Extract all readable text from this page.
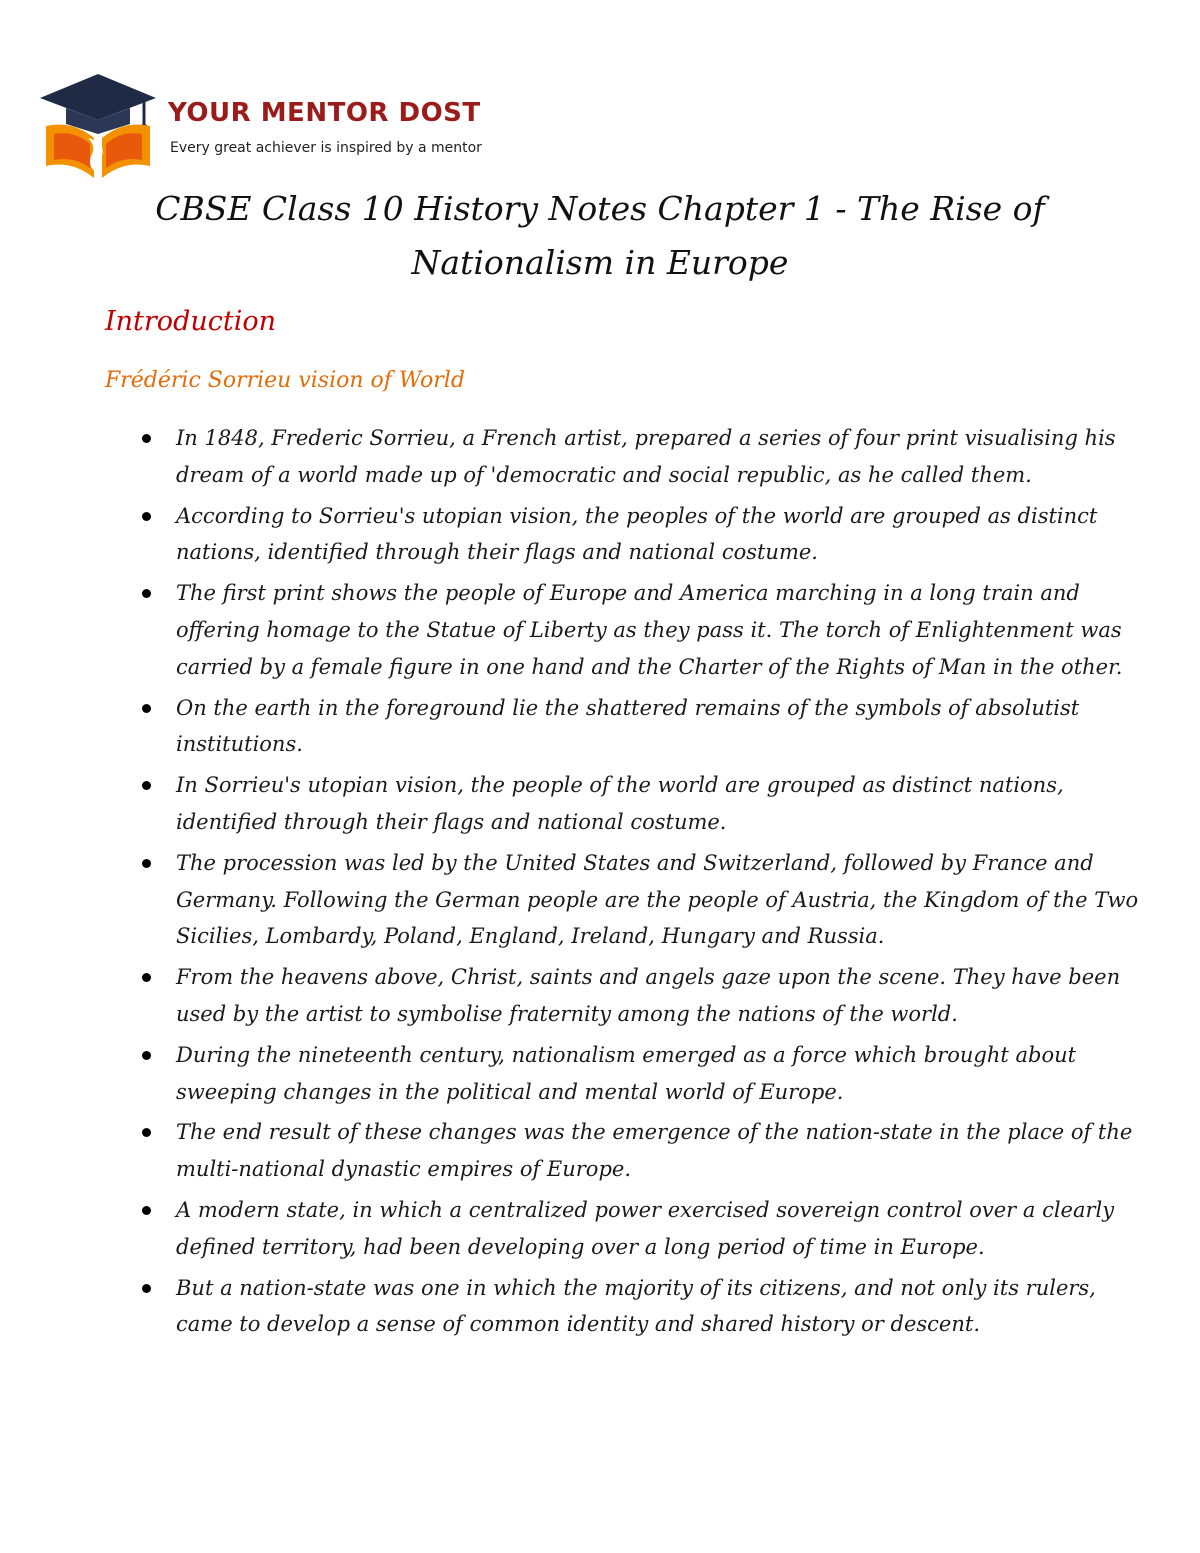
YOUR MENTOR DOST
Every great achiever is inspired by a mentor
CBSE Class 10 History Notes Chapter 1 - The Rise of Nationalism in Europe
Introduction
Frédéric Sorrieu vision of World
In 1848, Frederic Sorrieu, a French artist, prepared a series of four print visualising his dream of a world made up of 'democratic and social republic, as he called them.
According to Sorrieu's utopian vision, the peoples of the world are grouped as distinct nations, identified through their flags and national costume.
The first print shows the people of Europe and America marching in a long train and offering homage to the Statue of Liberty as they pass it. The torch of Enlightenment was carried by a female figure in one hand and the Charter of the Rights of Man in the other.
On the earth in the foreground lie the shattered remains of the symbols of absolutist institutions.
In Sorrieu's utopian vision, the people of the world are grouped as distinct nations, identified through their flags and national costume.
The procession was led by the United States and Switzerland, followed by France and Germany. Following the German people are the people of Austria, the Kingdom of the Two Sicilies, Lombardy, Poland, England, Ireland, Hungary and Russia.
From the heavens above, Christ, saints and angels gaze upon the scene. They have been used by the artist to symbolise fraternity among the nations of the world.
During the nineteenth century, nationalism emerged as a force which brought about sweeping changes in the political and mental world of Europe.
The end result of these changes was the emergence of the nation-state in the place of the multi-national dynastic empires of Europe.
A modern state, in which a centralized power exercised sovereign control over a clearly defined territory, had been developing over a long period of time in Europe.
But a nation-state was one in which the majority of its citizens, and not only its rulers, came to develop a sense of common identity and shared history or descent.
